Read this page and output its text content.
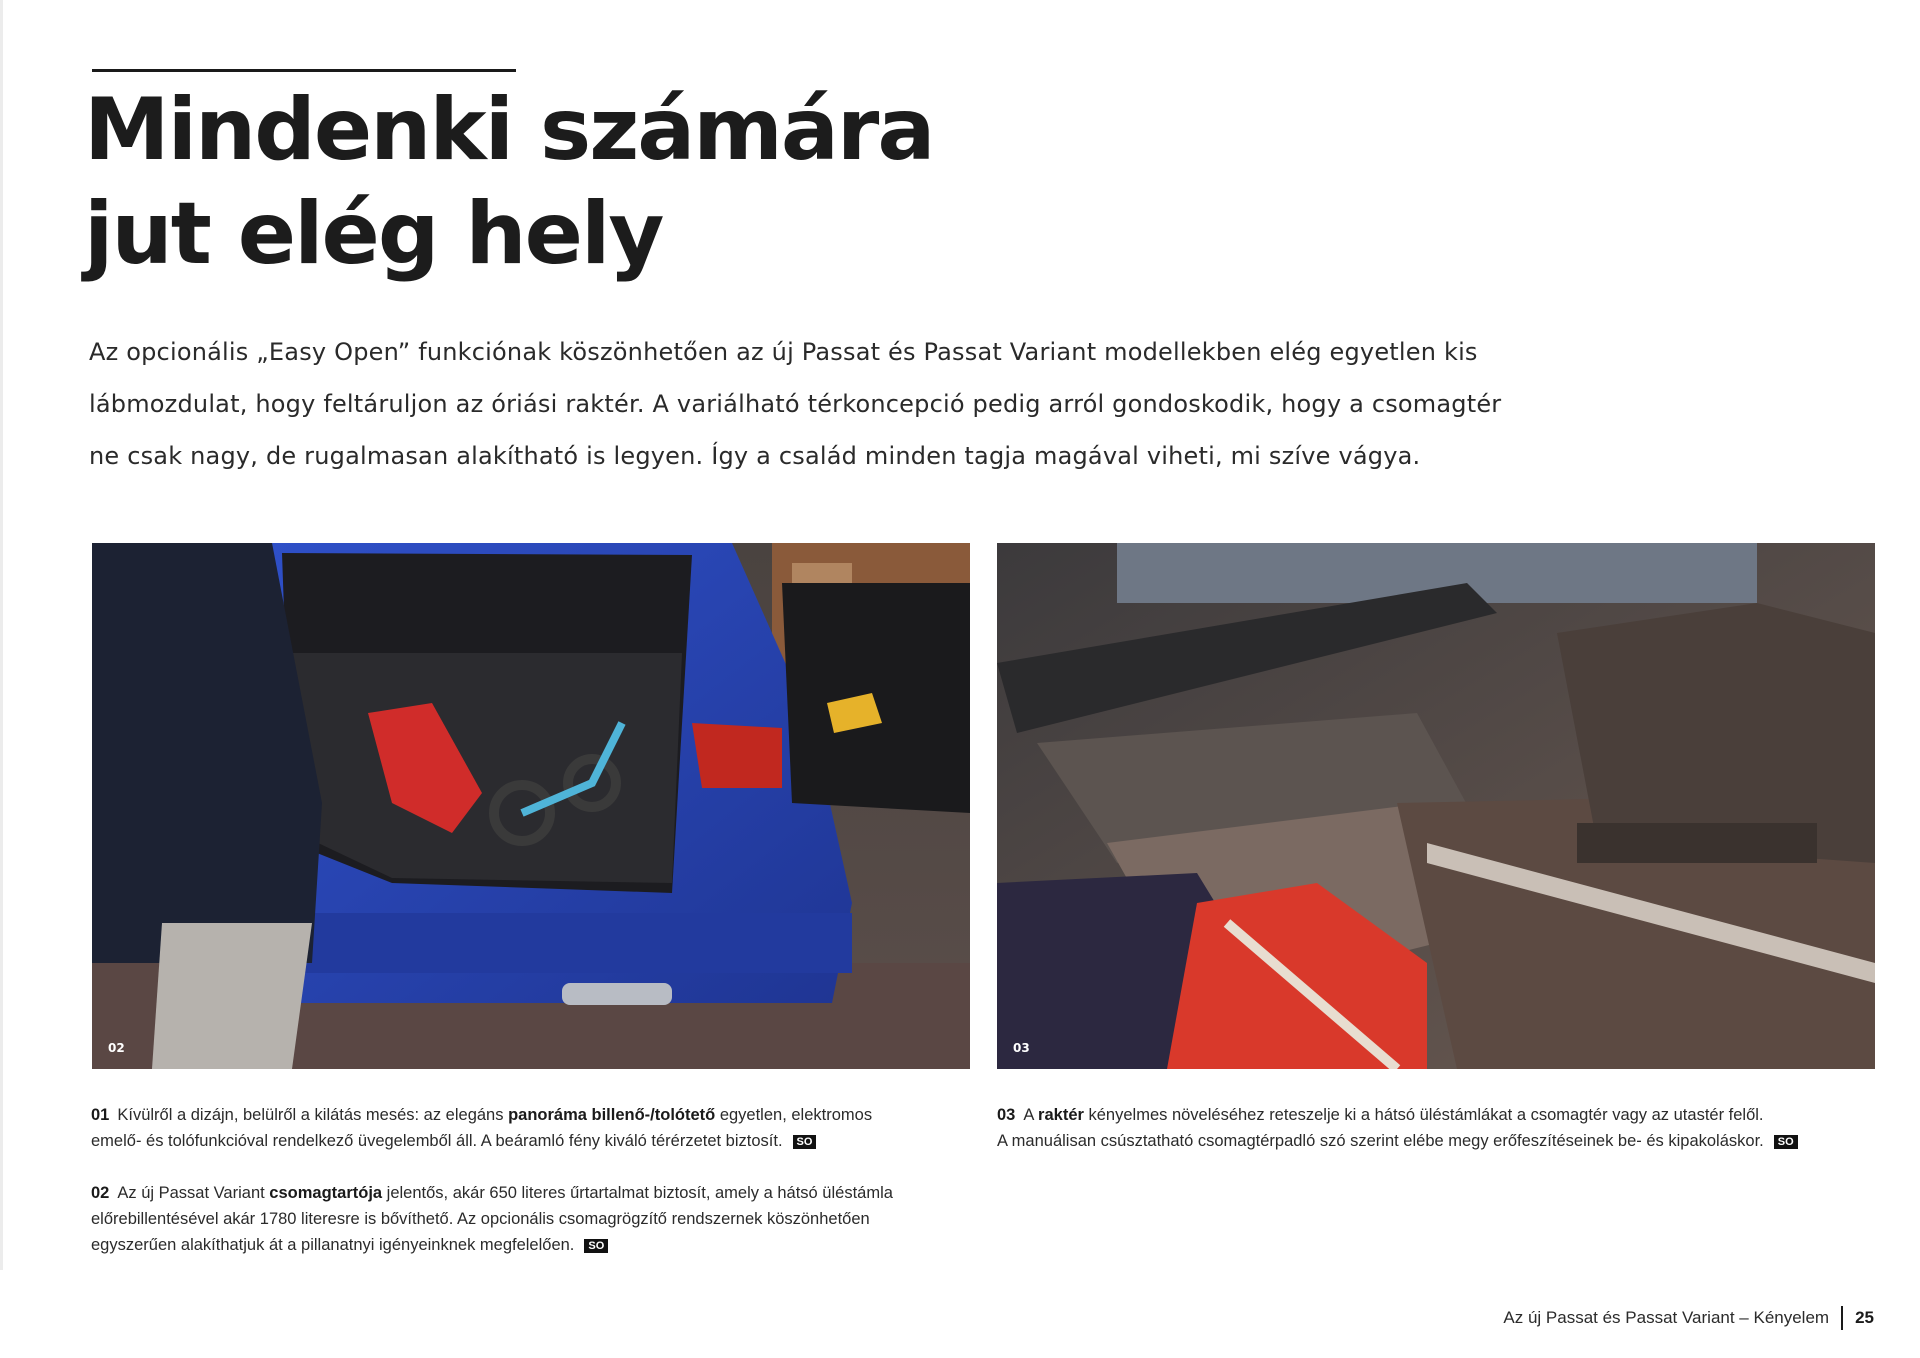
Mindenki számára
jut elég hely

Az opcionális „Easy Open” funkciónak köszönhetően az új Passat és Passat Variant modellekben elég egyetlen kis
lábmozdulat, hogy feltáruljon az óriási raktér. A variálható térkoncepció pedig arról gondoskodik, hogy a csomagtér
ne csak nagy, de rugalmasan alakítható is legyen. Így a család minden tagja magával viheti, mi szíve vágya.

02	03

01 Kívülről a dizájn, belülről a kilátás mesés: az elegáns panoráma billenő-/tolótető egyetlen, elektromos
emelő- és tolófunkcióval rendelkező üvegelemből áll. A beáramló fény kiváló térérzetet biztosít. SO

02 Az új Passat Variant csomagtartója jelentős, akár 650 literes űrtartalmat biztosít, amely a hátsó üléstámla
előrebillentésével akár 1780 literesre is bővíthető. Az opcionális csomagrögzítő rendszernek köszönhetően
egyszerűen alakíthatjuk át a pillanatnyi igényeinknek megfelelően. SO

03 A raktér kényelmes növeléséhez reteszelje ki a hátsó üléstámlákat a csomagtér vagy az utastér felől.
A manuálisan csúsztatható csomagtérpadló szó szerint elébe megy erőfeszítéseinek be- és kipakoláskor. SO

Az új Passat és Passat Variant – Kényelem 25
